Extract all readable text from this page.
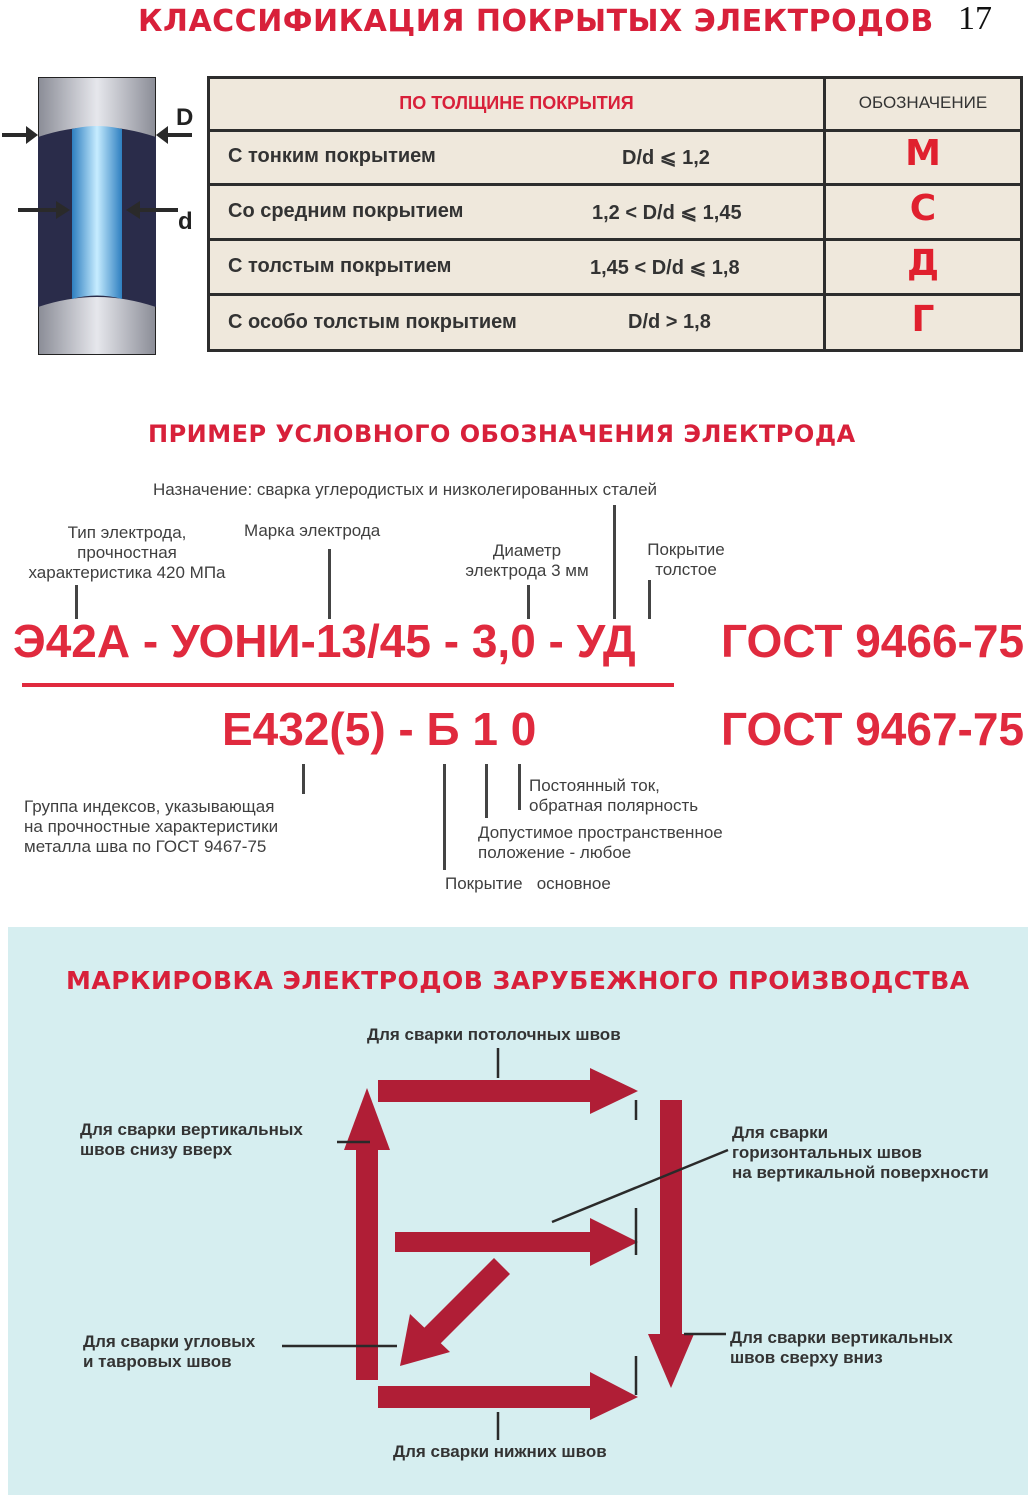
КЛАССИФИКАЦИЯ ПОКРЫТЫХ ЭЛЕКТРОДОВ 17
D
d
ПО ТОЛЩИНЕ ПОКРЫТИЯ	ОБОЗНАЧЕНИЕ
С тонким покрытием	D/d ⩽ 1,2	М
Со средним покрытием	1,2 < D/d ⩽ 1,45	С
С толстым покрытием	1,45 < D/d ⩽ 1,8	Д
С особо толстым покрытием	D/d > 1,8	Г
ПРИМЕР УСЛОВНОГО ОБОЗНАЧЕНИЯ ЭЛЕКТРОДА
Назначение: сварка углеродистых и низколегированных сталей
Тип электрода,
прочностная
характеристика 420 МПа
Марка электрода
Диаметр
электрода 3 мм
Покрытие
толстое
Э42А - УОНИ-13/45 - 3,0 - УД ГОСТ 9466-75
Е432(5) - Б 1 0	ГОСТ 9467-75
Группа индексов, указывающая
на прочностные характеристики
металла шва по ГОСТ 9467-75
Постоянный ток,
обратная полярность
Допустимое пространственное
положение - любое
Покрытие   основное
МАРКИРОВКА ЭЛЕКТРОДОВ ЗАРУБЕЖНОГО ПРОИЗВОДСТВА
Для сварки потолочных швов
Для сварки вертикальных
швов снизу вверх
Для сварки
горизонтальных швов
на вертикальной поверхности
Для сварки угловых
и тавровых швов
Для сварки вертикальных
швов сверху вниз
Для сварки нижних швов
